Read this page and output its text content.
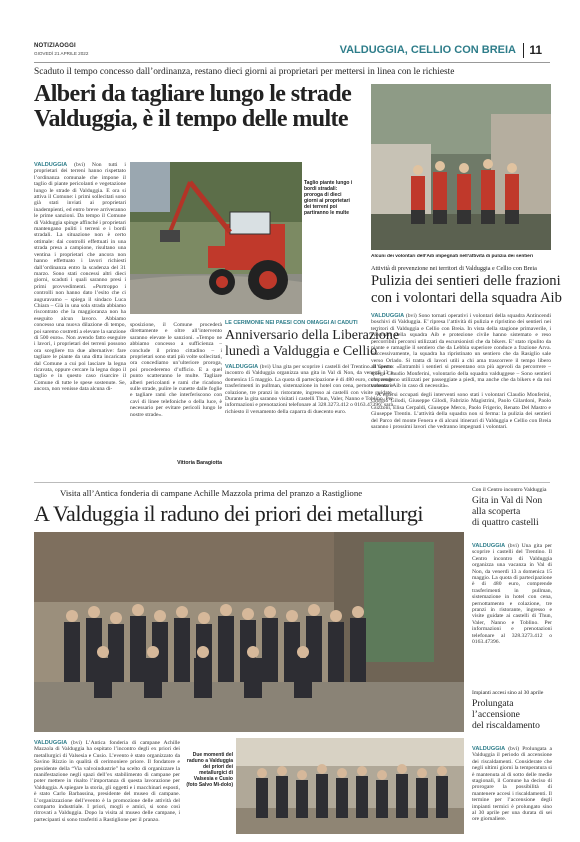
NOTIZIAOGGI
GIOVEDÌ 21 APRILE 2022	VALDUGGIA, CELLIO CON BREIA 11
Scaduto il tempo concesso dall’ordinanza, restano dieci giorni ai proprietari per mettersi in linea con le richieste
Alberi da tagliare lungo le strade
Valduggia, è il tempo delle multe
VALDUGGIA (bvi) Non tutti i proprietari dei terreni hanno rispettato l’ordinanza comunale che impone il taglio di piante pericolanti e vegetazione lungo le strade di Valduggia. E ora si attiva il Comune: i primi sollecitati sono già stati inviati ai proprietari inadempienti, ed entro breve arriveranno le prime sanzioni. Da tempo il Comune di Valduggia spinge affinché i proprietari mantengano puliti i terreni e i bordi stradali. La situazione non è certo ottimale: dai controlli effettuati in una strada presa a campione, risultano una ventina i proprietari che ancora non hanno effettuato i lavori richiesti dall’ordinanza entro la scadenza del 31 marzo. Sono stati concessi altri dieci giorni, scaduti i quali saranno presi i primi provvedimenti. «Purtroppo i controlli non hanno dato l’esito che ci auguravamo – spiega il sindaco Luca Chiara – Già in una sola strada abbiamo riscontrato che la maggioranza non ha eseguito alcun lavoro. Abbiamo concesso una nuova dilazione di tempo, poi saremo costretti a elevare la sanzione di 500 euro». Non avendo fatto eseguire i lavori, i proprietari dei terreni possono ora scegliere tra due alternative: fare tagliare le piante da una ditta incaricata dal Comune a cui poi lasciare la legna ricavata, oppure cercare la legna dopo il taglio e in questo caso risarcire il Comune di tutte le spese sostenute. Se, ancora, non venisse data alcuna di-
Taglio piante lungo i bordi stradali: proroga di dieci giorni ai proprietari dei terreni poi partiranno le multe
sposizione, il Comune procederà direttamente e oltre all’intervento saranno elevate le sanzioni. «Tempo ne abbiamo concesso a sufficienza – conclude il primo cittadino – i proprietari sono stati più volte sollecitati, ora concediamo un’ulteriore proroga, poi procederemo d’ufficio. E a quel punto scatteranno le multe. Tagliare alberi pericolanti e rami che ricadono sulle strade, pulire le cunette dalle foglie e tagliare rami che interferiscono con cavi di linee telefoniche o della luce, è necessario per evitare pericoli lungo le nostre strade».
Vittoria Baragiotta
LE CERIMONIE NEI PAESI CON OMAGGI AI CADUTI
Anniversario della Liberazione
lunedì a Valduggia e Cellio
VALDUGGIA (bvi) Una gita per scoprire i castelli del Trentino. Il Centro incontro di Valduggia organizza una gita in Val di Non, da venerdì 13 a domenica 15 maggio. La quota di partecipazione è di 480 euro, comprende trasferimenti in pullman, sistemazione in hotel con cena, pernottamento e colazione, tre pranzi in ristorante, ingresso ai castelli con visite guidate. Durante la gita saranno visitati i castelli Thun, Valer, Nanno e Toblino. Per informazioni e prenotazioni telefonare al 328.3273.412 o 0163.47396; sarà richiesto il versamento della caparra di duecento euro.
Alcuni dei volontari dell’Aib impegnati nell’attività di pulizia dei sentieri
Attività di prevenzione nei territori di Valduggia e Cellio con Breia
Pulizia dei sentieri delle frazioni
con i volontari della squadra Aib
VALDUGGIA (bvi) Sono tornati operativi i volontari della squadra Antincendi boschivi di Valduggia. E’ ripresa l’attività di pulizia e ripristino dei sentieri nei territori di Valduggia e Cellio con Breia. In vista della stagione primaverile, i volontari della squadra Aib e protezione civile hanno sistemato e reso percorribili percorsi utilizzati da escursionisti che da bikers. E’ stato ripulito da piante e ramaglie il sentiero che da Lebbia superiore conduce a frazione Arva. Successivamente, la squadra ha ripristinato un sentiero che da Rasiglio sale verso Orlado. Si tratta di lavori utili a chi ama trascorrere il tempo libero all’aperto: «Entrambi i sentieri si presentano ora più agevoli da percorrere – spiega Claudio Monferini, volontario della squadra valduggese – Sono sentieri che vengono utilizzati per passeggiate a piedi, ma anche che da bikers e da noi volontari Aib in caso di necessità».
A essersi occupati degli interventi sono stati i volontari Claudio Monferini, Giorgio Gilodi, Giuseppe Gilodi, Fabrizio Magistrini, Paolo Gilardoni, Paolo Guzzoni, Elisa Cerpaldi, Giuseppe Merco, Paolo Frigerio, Renato Del Mastro e Giuseppe Trentin. L’attività della squadra non si ferma: la pulizia dei sentieri del Parco del monte Fenera e di alcuni itinerari di Valduggia e Cellio con Breia saranno i prossimi lavori che vedranno impegnati i volontari.
Visita all’Antica fonderia di campane Achille Mazzola prima del pranzo a Rastiglione
A Valduggia il raduno dei priori dei metallurgi
VALDUGGIA (bvi) L’Antica fonderia di campane Achille Mazzola di Valduggia ha ospitato l’incontro degli ex priori dei metallurgici di Valsesia e Cusio. L’evento è stato organizzato da Savino Rizzio in qualità di cerimoniere priore. Il fondatore e presidente della “Via valvoindustrie” ha scelto di organizzare la manifestazione negli spazi dell’ex stabilimento di campane per poter mettere in risalto l’importanza di questa lavorazione per Valduggia. A spiegare la storia, gli oggetti e i macchinari esposti, è stato Carlo Barbassina, presidente del museo di campane. L’organizzazione dell’evento è la promozione delle attività del comparto industriale. I priori, mogli e amici, si sono così ritrovati a Valduggia. Dopo la visita al museo delle campane, i partecipanti si sono trasferiti a Rastiglione per il pranzo.
Due momenti del raduno a Valduggia dei priori dei metallurgici di Valsesia e Cusio (foto Salvo Mi-dolo)
Con il Centro incontro Valduggia
Gita in Val di Non
alla scoperta
di quattro castelli
VALDUGGIA (bvi) Una gita per scoprire i castelli del Trentino. Il Centro incontro di Valduggia organizza una vacanza in Val di Non, da venerdì 13 a domenica 15 maggio. La quota di partecipazione è di 480 euro, comprende trasferimenti in pullman, sistemazione in hotel con cena, pernottamento e colazione, tre pranzi in ristorante, ingresso e visite guidate ai castelli di Thun, Valer, Nanno e Toblino. Per informazioni e prenotazioni telefonare al 328.3273.412 o 0163.47396.
Impianti accesi sino al 30 aprile
Prolungata
l’accensione
del riscaldamento
VALDUGGIA (bvi) Prolungata a Valduggia il periodo di accensione dei riscaldamenti. Considerate che negli ultimi giorni la temperatura si è mantenuta al di sotto delle medie stagionali, il Comune ha deciso di prorogare la possibilità di mantenere accesi i riscaldamenti. Il termine per l’accensione degli impianti termici è prolungato sino al 30 aprile per una durata di sei ore giornaliere.
